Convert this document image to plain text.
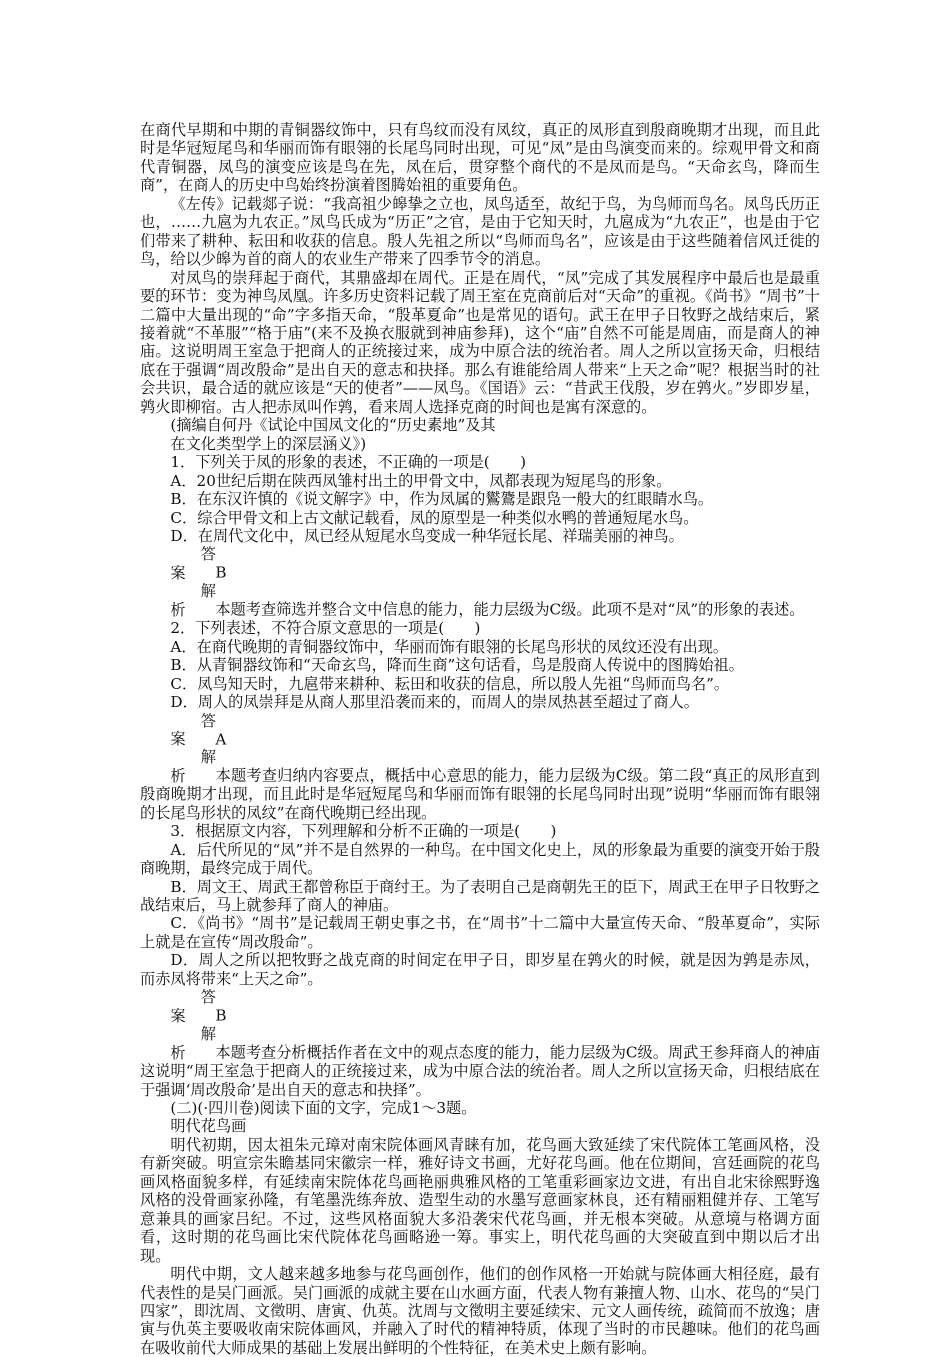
在商代早期和中期的青铜器纹饰中，只有鸟纹而没有凤纹，真正的凤形直到殷商晚期才出现，而且此时是华冠短尾鸟和华丽而饰有眼翎的长尾鸟同时出现，可见“凤”是由鸟演变而来的。综观甲骨文和商代青铜器，凤鸟的演变应该是鸟在先，凤在后，贯穿整个商代的不是凤而是鸟。“天命玄鸟，降而生商”，在商人的历史中鸟始终扮演着图腾始祖的重要角色。

《左传》记载郯子说：“我高祖少皞挚之立也，凤鸟适至，故纪于鸟，为鸟师而鸟名。凤鸟氏历正也，……九扈为九农正。”凤鸟氏成为“历正”之官，是由于它知天时，九扈成为“九农正”，也是由于它们带来了耕种、耘田和收获的信息。殷人先祖之所以“鸟师而鸟名”，应该是由于这些随着信风迁徙的鸟，给以少皞为首的商人的农业生产带来了四季节令的消息。

对凤鸟的崇拜起于商代，其鼎盛却在周代。正是在周代，“凤”完成了其发展程序中最后也是最重要的环节：变为神鸟凤凰。许多历史资料记载了周王室在克商前后对“天命”的重视。《尚书》“周书”十二篇中大量出现的“命”字多指天命，“殷革夏命”也是常见的语句。武王在甲子日牧野之战结束后，紧接着就“不革服”“格于庙”(来不及换衣服就到神庙参拜)，这个“庙”自然不可能是周庙，而是商人的神庙。这说明周王室急于把商人的正统接过来，成为中原合法的统治者。周人之所以宣扬天命，归根结底在于强调“周改殷命”是出自天的意志和抉择。那么有谁能给周人带来“上天之命”呢？根据当时的社会共识，最合适的就应该是“天的使者”——凤鸟。《国语》云：“昔武王伐殷，岁在鹑火。”岁即岁星，鹑火即柳宿。古人把赤凤叫作鹑，看来周人选择克商的时间也是寓有深意的。

(摘编自何丹《试论中国凤文化的“历史素地”及其

在文化类型学上的深层涵义》)

1．下列关于凤的形象的表述，不正确的一项是(　　)

A．20世纪后期在陕西凤雏村出土的甲骨文中，凤都表现为短尾鸟的形象。

B．在东汉许慎的《说文解字》中，作为凤属的鸑鷟是跟凫一般大的红眼睛水鸟。

C．综合甲骨文和上古文献记载看，凤的原型是一种类似水鸭的普通短尾水鸟。

D．在周代文化中，凤已经从短尾水鸟变成一种华冠长尾、祥瑞美丽的神鸟。

答案 B

解析 本题考查筛选并整合文中信息的能力，能力层级为C级。此项不是对“凤”的形象的表述。

2．下列表述，不符合原文意思的一项是(　　)

A．在商代晚期的青铜器纹饰中，华丽而饰有眼翎的长尾鸟形状的凤纹还没有出现。

B．从青铜器纹饰和“天命玄鸟，降而生商”这句话看，鸟是殷商人传说中的图腾始祖。

C．凤鸟知天时，九扈带来耕种、耘田和收获的信息，所以殷人先祖“鸟师而鸟名”。

D．周人的凤崇拜是从商人那里沿袭而来的，而周人的崇凤热甚至超过了商人。

答案 A

解析 本题考查归纳内容要点，概括中心意思的能力，能力层级为C级。第二段“真正的凤形直到殷商晚期才出现，而且此时是华冠短尾鸟和华丽而饰有眼翎的长尾鸟同时出现”说明“华丽而饰有眼翎的长尾鸟形状的凤纹”在商代晚期已经出现。

3．根据原文内容，下列理解和分析不正确的一项是(　　)

A．后代所见的“凤”并不是自然界的一种鸟。在中国文化史上，凤的形象最为重要的演变开始于殷商晚期，最终完成于周代。

B．周文王、周武王都曾称臣于商纣王。为了表明自己是商朝先王的臣下，周武王在甲子日牧野之战结束后，马上就参拜了商人的神庙。

C．《尚书》“周书”是记载周王朝史事之书，在“周书”十二篇中大量宣传天命、“殷革夏命”，实际上就是在宣传“周改殷命”。

D．周人之所以把牧野之战克商的时间定在甲子日，即岁星在鹑火的时候，就是因为鹑是赤凤，而赤凤将带来“上天之命”。

答案 B

解析 本题考查分析概括作者在文中的观点态度的能力，能力层级为C级。周武王参拜商人的神庙这说明“周王室急于把商人的正统接过来，成为中原合法的统治者。周人之所以宣扬天命，归根结底在于强调‘周改殷命’是出自天的意志和抉择”。

(二)(·四川卷)阅读下面的文字，完成1～3题。

明代花鸟画

明代初期，因太祖朱元璋对南宋院体画风青睐有加，花鸟画大致延续了宋代院体工笔画风格，没有新突破。明宣宗朱瞻基同宋徽宗一样，雅好诗文书画，尤好花鸟画。他在位期间，宫廷画院的花鸟画风格面貌多样，有延续南宋院体花鸟画艳丽典雅风格的工笔重彩画家边文进，有出自北宋徐熙野逸风格的没骨画家孙隆，有笔墨洗练奔放、造型生动的水墨写意画家林良，还有精丽粗健并存、工笔写意兼具的画家吕纪。不过，这些风格面貌大多沿袭宋代花鸟画，并无根本突破。从意境与格调方面看，这时期的花鸟画比宋代院体花鸟画略逊一筹。事实上，明代花鸟画的大突破直到中期以后才出现。

明代中期，文人越来越多地参与花鸟画创作，他们的创作风格一开始就与院体画大相径庭，最有代表性的是吴门画派。吴门画派的成就主要在山水画方面，代表人物有兼擅人物、山水、花鸟的“吴门四家”，即沈周、文徵明、唐寅、仇英。沈周与文徵明主要延续宋、元文人画传统，疏简而不放逸；唐寅与仇英主要吸收南宋院体画风，并融入了时代的精神特质，体现了当时的市民趣味。他们的花鸟画在吸收前代大师成果的基础上发展出鲜明的个性特征，在美术史上颇有影响。
